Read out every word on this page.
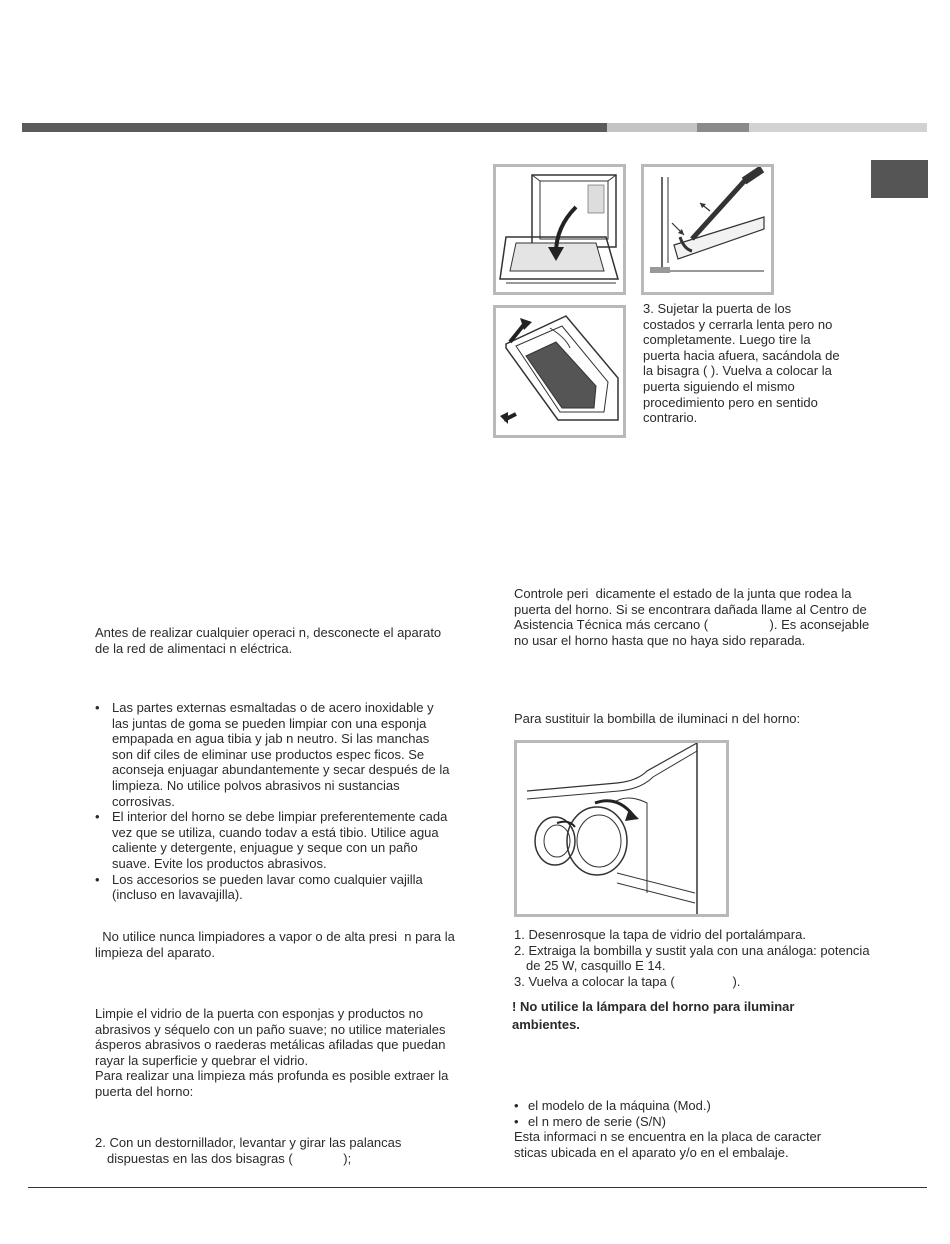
3. Sujetar la puerta de los costados y cerrarla lenta pero no completamente. Luego tire la puerta hacia afuera, sacándola de la bisagra ( ). Vuelva a colocar la puerta siguiendo el mismo procedimiento pero en sentido contrario.

Antes de realizar cualquier operaci n, desconecte el aparato de la red de alimentaci n eléctrica.

• Las partes externas esmaltadas o de acero inoxidable y las juntas de goma se pueden limpiar con una esponja empapada en agua tibia y jab n neutro. Si las manchas son dif ciles de eliminar use productos espec ficos. Se aconseja enjuagar abundantemente y secar después de la limpieza. No utilice polvos abrasivos ni sustancias corrosivas.

• El interior del horno se debe limpiar preferentemente cada vez que se utiliza, cuando todav a está tibio. Utilice agua caliente y detergente, enjuague y seque con un paño suave. Evite los productos abrasivos.

• Los accesorios se pueden lavar como cualquier vajilla (incluso en lavavajilla).

No utilice nunca limpiadores a vapor o de alta presi  n para la limpieza del aparato.

Limpie el vidrio de la puerta con esponjas y productos no abrasivos y séquelo con un paño suave; no utilice materiales ásperos abrasivos o raederas metálicas afiladas que puedan rayar la superficie y quebrar el vidrio.

Para realizar una limpieza más profunda es posible extraer la puerta del horno:

2. Con un destornillador, levantar y girar las palancas dispuestas en las dos bisagras (              );

Controle peri  dicamente el estado de la junta que rodea la puerta del horno. Si se encontrara dañada llame al Centro de Asistencia Técnica más cercano (                 ). Es aconsejable no usar el horno hasta que no haya sido reparada.

Para sustituir la bombilla de iluminaci n del horno:

1. Desenrosque la tapa de vidrio del portalámpara.

2. Extraiga la bombilla y sustit yala con una análoga: potencia de 25 W, casquillo E 14.

3. Vuelva a colocar la tapa (                ).

! No utilice la lámpara del horno para iluminar ambientes.

• el modelo de la máquina (Mod.)

• el n mero de serie (S/N)

Esta informaci n se encuentra en la placa de caracter sticas ubicada en el aparato y/o en el embalaje.
